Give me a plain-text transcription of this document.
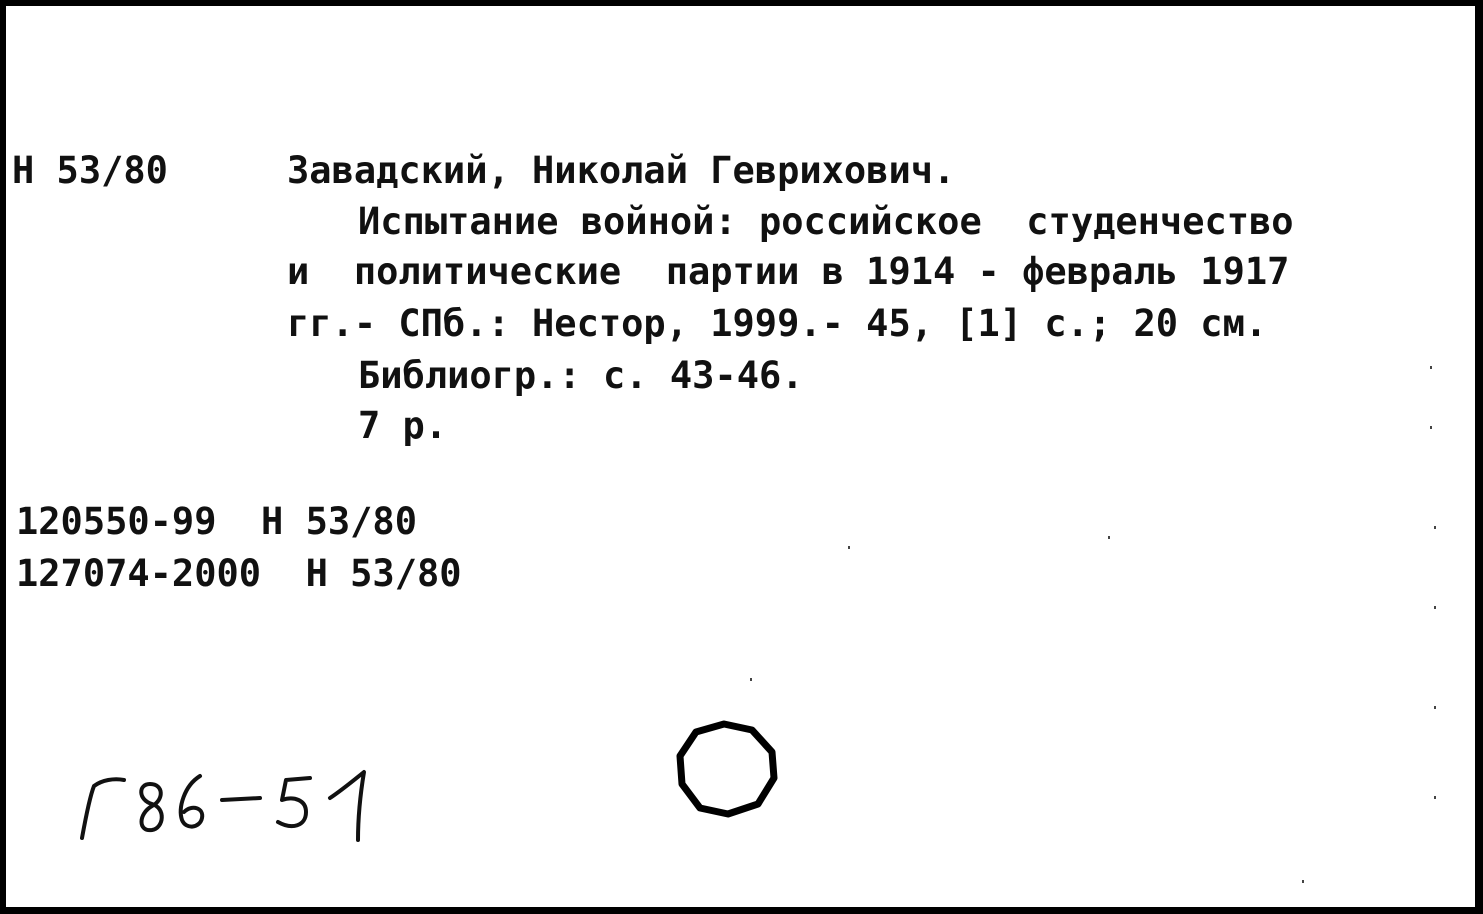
Н 53/80	Завадский, Николай Геврихович.
Испытание войной: российское  студенчество
и  политические  партии в 1914 - февраль 1917
гг.- СПб.: Нестор, 1999.- 45, [1] с.; 20 см.
Библиогр.: с. 43-46.
7 р.
120550-99  Н 53/80
127074-2000  Н 53/80
